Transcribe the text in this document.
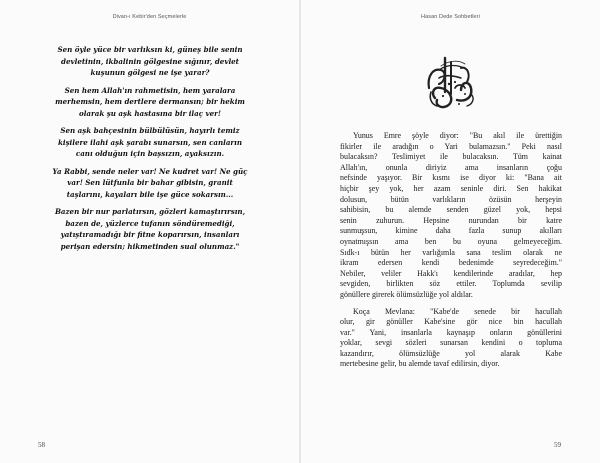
Divan-ı Kebir'den Seçmelerle
Sen öyle yüce bir varlıksın ki, güneş bile senin
devletinin, ikbalinin gölgesine sığınır, devlet
kuşunun gölgesi ne işe yarar?
Sen hem Allah'ın rahmetisin, hem yaralara
merhemsin, hem dertlere dermansın; bir hekim
olarak şu aşk hastasına bir ilaç ver!
Sen aşk bahçesinin bülbülüsün, hayırlı temiz
kişilere ilahi aşk şarabı sunarsın, sen canların
canı olduğun için başsızın, ayaksızın.
Ya Rabbi, sende neler var! Ne kudret var! Ne güç
var! Sen lütfunla bir bahar gibisin, granit
taşlarını, kayaları bile işe güce sokarsın...
Bazen bir nur parlatırsın, gözleri kamaştırırsın,
bazen de, yüzlerce tufanın söndüremediği,
yatıştıramadığı bir fitne koparırsın, insanları
perişan edersin; hikmetinden sual olunmaz."
58
Hasan Dede Sohbetleri
59
Yunus Emre şöyle diyor: "Bu akıl ile ürettiğin
fikirler ile aradığın o Yari bulamazsın." Peki nasıl
bulacaksın? Teslimiyet ile bulacaksın. Tüm kainat
Allah'ın, onunla diriyiz ama insanların çoğu
nefsinde yaşıyor. Bir kısmı ise diyor ki: "Bana ait
hiçbir şey yok, her azam seninle diri. Sen hakikat
dolusun, bütün varlıkların özüsün herşeyin
sahibisin, bu alemde senden güzel yok, hepsi
senin zuhurun. Hepsine nurundan bir katre
sunmuşsun, kimine daha fazla sunup akılları
oynatmışsın ama ben bu oyuna gelmeyeceğim.
Sıdk-ı bütün her varlığımla sana teslim olarak ne
ikram edersen kendi bedenimde seyredeceğim."
Nebiler, veliler Hakk'ı kendilerinde aradılar, hep
sevgiden, birlikten söz ettiler. Toplumda sevilip
gönüllere girerek ölümsüzlüğe yol aldılar.
Koça Mevlana: "Kabe'de senede bir hacullah
olur, gir gönüller Kabe'sine gör nice bin hacullah
var." Yani, insanlarla kaynaşıp onların gönüllerini
yoklar, sevgi sözleri sunarsan kendini o topluma
kazandırır, ölümsüzlüğe yol alarak Kabe
mertebesine gelir, bu alemde tavaf edilirsin, diyor.
